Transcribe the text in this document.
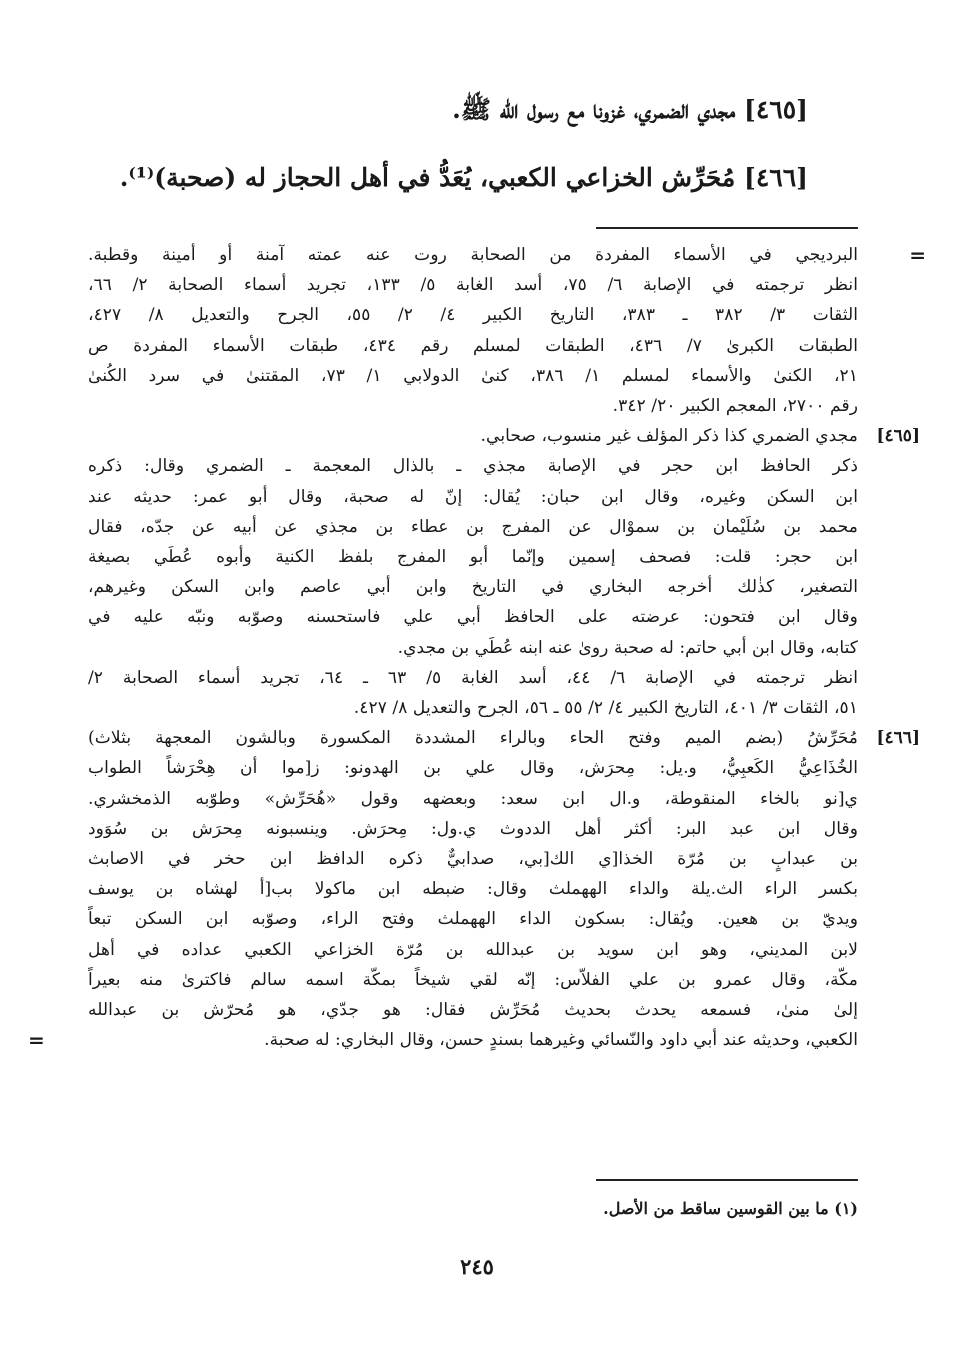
[٤٦٥] مجدي الضمري، غزونا مع رسول الله ﷺ.
[٤٦٦] مُحَرِّش الخزاعي الكعبي، يُعَدُّ في أهل الحجاز له (صحبة)⁽¹⁾.
=
البرديجي في الأسماء المفردة من الصحابة روت عنه عمته آمنة أو أمينة وقطبة.
انظر ترجمته في الإصابة ٦/ ٧٥، أسد الغابة ٥/ ١٣٣، تجريد أسماء الصحابة ٢/ ٦٦،
الثقات ٣/ ٣٨٢ ـ ٣٨٣، التاريخ الكبير ٤/ ٢/ ٥٥، الجرح والتعديل ٨/ ٤٢٧،
الطبقات الكبرىٰ ٧/ ٤٣٦، الطبقات لمسلم رقم ٤٣٤، طبقات الأسماء المفردة ص
٢١، الكنىٰ والأسماء لمسلم ١/ ٣٨٦، كنىٰ الدولابي ١/ ٧٣، المقتنىٰ في سرد الكُنىٰ
رقم ٢٧٠٠، المعجم الكبير ٢٠/ ٣٤٢.
[٤٦٥]
مجدي الضمري كذا ذكر المؤلف غير منسوب، صحابي.
ذكر الحافظ ابن حجر في الإصابة مجذي ـ بالذال المعجمة ـ الضمري وقال: ذكره
ابن السكن وغيره، وقال ابن حبان: يُقال: إنّ له صحبة، وقال أبو عمر: حديثه عند
محمد بن سُلَيْمان بن سموْال عن المفرج بن عطاء بن مجذي عن أبيه عن جدّه، فقال
ابن حجر: قلت: فصحف إسمين وإنّما أبو المفرج بلفظ الكنية وأبوه عُطَي بصيغة
التصغير، كذٰلك أخرجه البخاري في التاريخ وابن أبي عاصم وابن السكن وغيرهم،
وقال ابن فتحون: عرضته على الحافظ أبي علي فاستحسنه وصوّبه ونبّه عليه في
كتابه، وقال ابن أبي حاتم: له صحبة روىٰ عنه ابنه عُطَي بن مجدي.
انظر ترجمته في الإصابة ٦/ ٤٤، أسد الغابة ٥/ ٦٣ ـ ٦٤، تجريد أسماء الصحابة ٢/
٥١، الثقات ٣/ ٤٠١، التاريخ الكبير ٤/ ٢/ ٥٥ ـ ٥٦، الجرح والتعديل ٨/ ٤٢٧.
[٤٦٦]
مُحَرِّشُ (بضم الميم وفتح الحاء وبالراء المشددة المكسورة وبالشون المعجهة بثلاث)
الخُذَاعِيُّ الكَعبِيُّ، و.يل: مِحرَش، وقال علي بن الهدونو: ز[موا أن هِحْرَشاً الطواب
ي[نو بالخاء المنقوطة، و.ال ابن سعد: وبعضهه وقول «هُحَرِّش» وطوّبه الذمخشري.
وقال ابن عبد البر: أكثر أهل الددوث ي.ول: مِحرَش. وينسبونه مِحرَش بن سُوَود
بن عبدابٍ بن مُرّة الخذا[ي الك[بي، صدابيٌّ ذكره الدافظ ابن حخر في الاصابث
بكسر الراء الث.يلة والداء الههملث وقال: ضبطه ابن ماكولا بب[أ لهشاه بن يوسف
ويديّ بن هعين. ويُقال: بسكون الداء الههملث وفتح الراء، وصوّبه ابن السكن تبعاً
لابن المديني، وهو ابن سويد بن عبدالله بن مُرّة الخزاعي الكعبي عداده في أهل
مكّة، وقال عمرو بن علي الفلاّس: إنّه لقي شيخاً بمكّة اسمه سالم فاكترىٰ منه بعيراً
إلىٰ منىٰ، فسمعه يحدث بحديث مُحَرِّش فقال: هو جدّي، هو مُحرّش بن عبدالله
الكعبي، وحديثه عند أبي داود والنّسائي وغيرهما بسندٍ حسن، وقال البخاري: له صحبة.
=
(١) ما بين القوسين ساقط من الأصل.
٢٤٥
